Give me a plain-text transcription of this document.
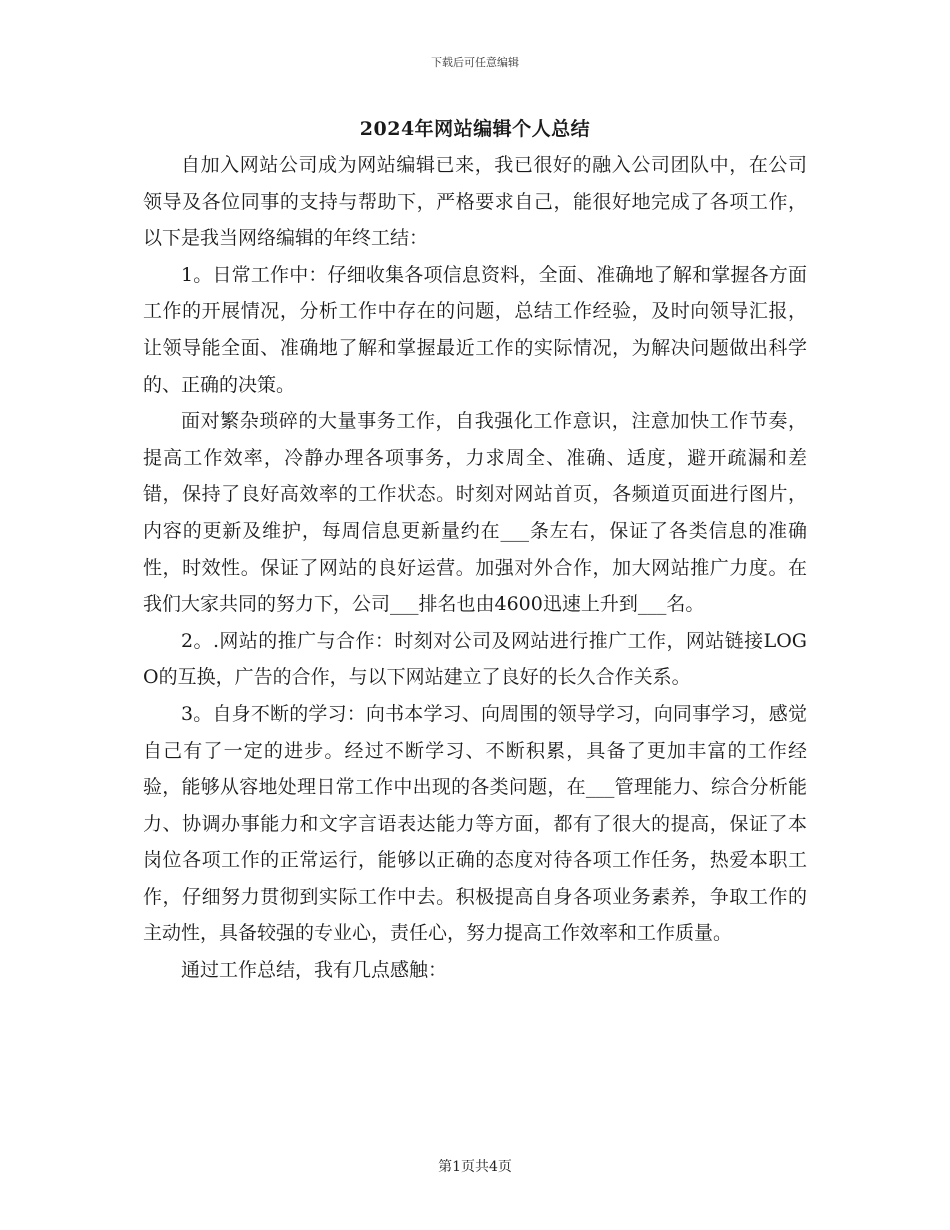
下载后可任意编辑
2024年网站编辑个人总结

自加入网站公司成为网站编辑已来，我已很好的融入公司团队中，在公司领导及各位同事的支持与帮助下，严格要求自己，能很好地完成了各项工作，以下是我当网络编辑的年终工结：

1。日常工作中：仔细收集各项信息资料，全面、准确地了解和掌握各方面工作的开展情况，分析工作中存在的问题，总结工作经验，及时向领导汇报，让领导能全面、准确地了解和掌握最近工作的实际情况，为解决问题做出科学的、正确的决策。

面对繁杂琐碎的大量事务工作，自我强化工作意识，注意加快工作节奏，提高工作效率，冷静办理各项事务，力求周全、准确、适度，避开疏漏和差错，保持了良好高效率的工作状态。时刻对网站首页，各频道页面进行图片，内容的更新及维护，每周信息更新量约在___条左右，保证了各类信息的准确性，时效性。保证了网站的良好运营。加强对外合作，加大网站推广力度。在我们大家共同的努力下，公司___排名也由4600迅速上升到___名。

2。.网站的推广与合作：时刻对公司及网站进行推广工作，网站链接LOGO的互换，广告的合作，与以下网站建立了良好的长久合作关系。

3。自身不断的学习：向书本学习、向周围的领导学习，向同事学习，感觉自己有了一定的进步。经过不断学习、不断积累，具备了更加丰富的工作经验，能够从容地处理日常工作中出现的各类问题，在___管理能力、综合分析能力、协调办事能力和文字言语表达能力等方面，都有了很大的提高，保证了本岗位各项工作的正常运行，能够以正确的态度对待各项工作任务，热爱本职工作，仔细努力贯彻到实际工作中去。积极提高自身各项业务素养，争取工作的主动性，具备较强的专业心，责任心，努力提高工作效率和工作质量。

通过工作总结，我有几点感触：

第1页共4页
